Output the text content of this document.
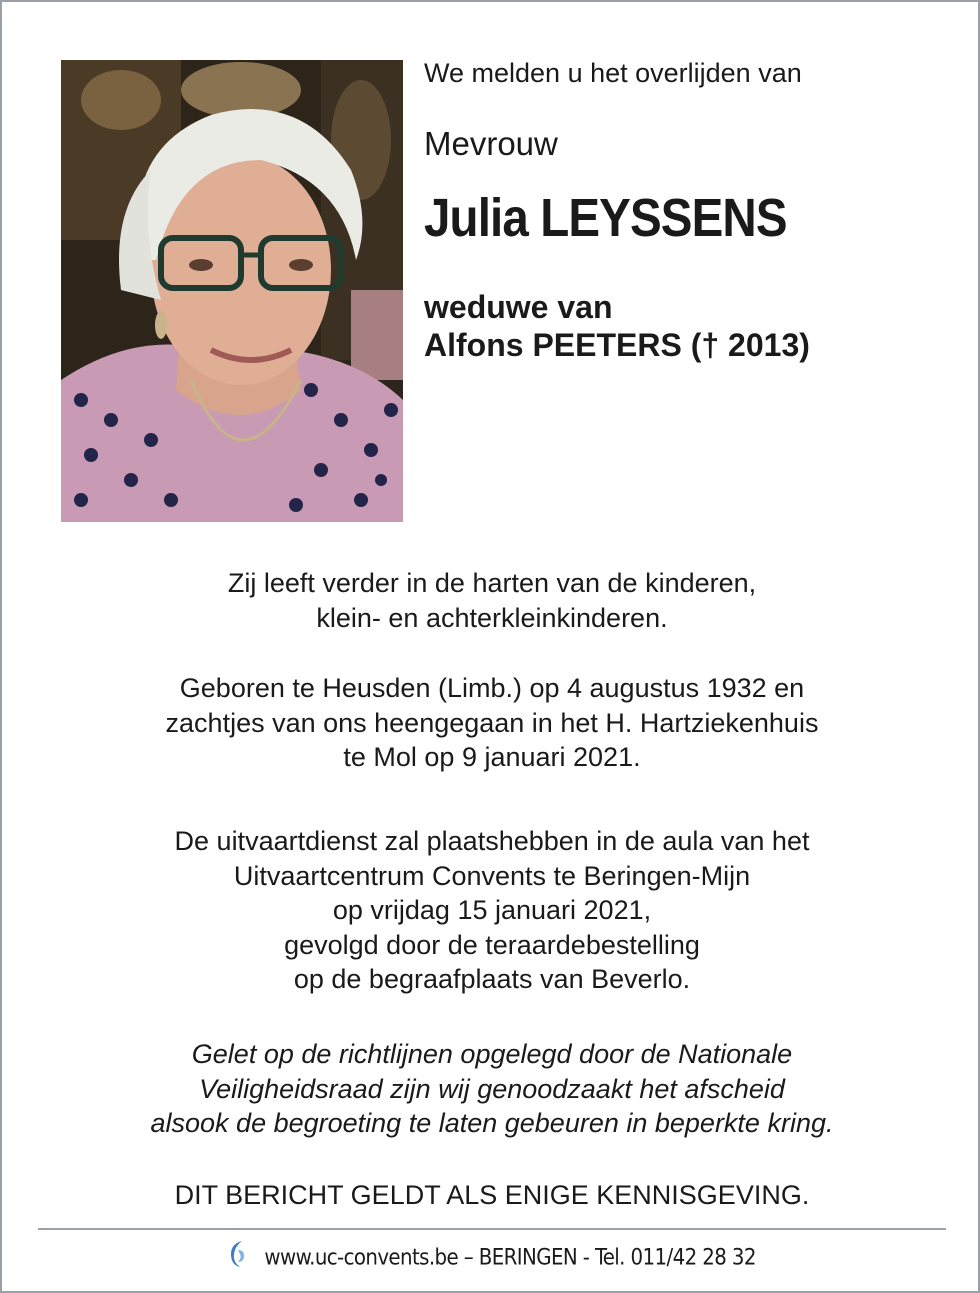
We melden u het overlijden van

Mevrouw

Julia LEYSSENS

weduwe van
Alfons PEETERS († 2013)
Zij leeft verder in de harten van de kinderen,
klein- en achterkleinkinderen.
Geboren te Heusden (Limb.) op 4 augustus 1932 en
zachtjes van ons heengegaan in het H. Hartziekenhuis
te Mol op 9 januari 2021.
De uitvaartdienst zal plaatshebben in de aula van het
Uitvaartcentrum Convents te Beringen-Mijn
op vrijdag 15 januari 2021,
gevolgd door de teraardebestelling
op de begraafplaats van Beverlo.
Gelet op de richtlijnen opgelegd door de Nationale
Veiligheidsraad zijn wij genoodzaakt het afscheid
alsook de begroeting te laten gebeuren in beperkte kring.
DIT BERICHT GELDT ALS ENIGE KENNISGEVING.
www.uc-convents.be – BERINGEN - Tel. 011/42 28 32
